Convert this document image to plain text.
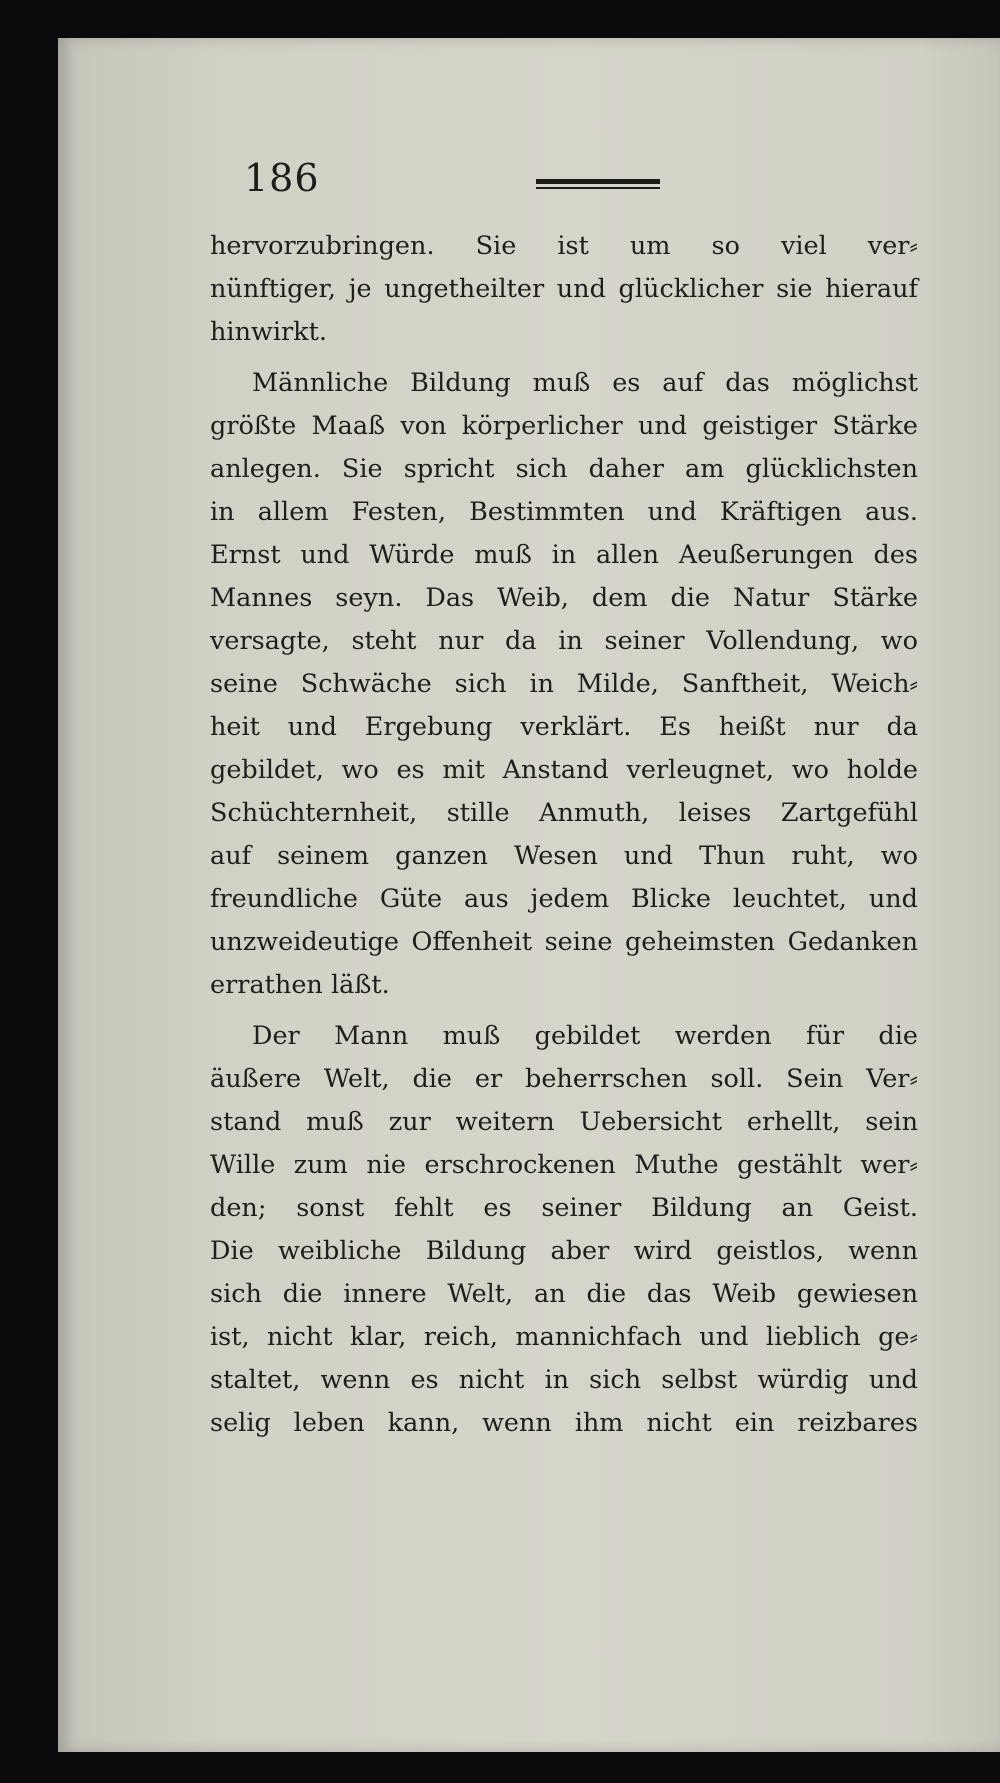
186
hervorzubringen. Sie ist um so viel ver⸗
nünftiger, je ungetheilter und glücklicher sie hierauf
hinwirkt.
Männliche Bildung muß es auf das möglichst
größte Maaß von körperlicher und geistiger Stärke
anlegen. Sie spricht sich daher am glücklichsten
in allem Festen, Bestimmten und Kräftigen aus.
Ernst und Würde muß in allen Aeußerungen des
Mannes seyn. Das Weib, dem die Natur Stärke
versagte, steht nur da in seiner Vollendung, wo
seine Schwäche sich in Milde, Sanftheit, Weich⸗
heit und Ergebung verklärt. Es heißt nur da
gebildet, wo es mit Anstand verleugnet, wo holde
Schüchternheit, stille Anmuth, leises Zartgefühl
auf seinem ganzen Wesen und Thun ruht, wo
freundliche Güte aus jedem Blicke leuchtet, und
unzweideutige Offenheit seine geheimsten Gedanken
errathen läßt.
Der Mann muß gebildet werden für die
äußere Welt, die er beherrschen soll. Sein Ver⸗
stand muß zur weitern Uebersicht erhellt, sein
Wille zum nie erschrockenen Muthe gestählt wer⸗
den; sonst fehlt es seiner Bildung an Geist.
Die weibliche Bildung aber wird geistlos, wenn
sich die innere Welt, an die das Weib gewiesen
ist, nicht klar, reich, mannichfach und lieblich ge⸗
staltet, wenn es nicht in sich selbst würdig und
selig leben kann, wenn ihm nicht ein reizbares
